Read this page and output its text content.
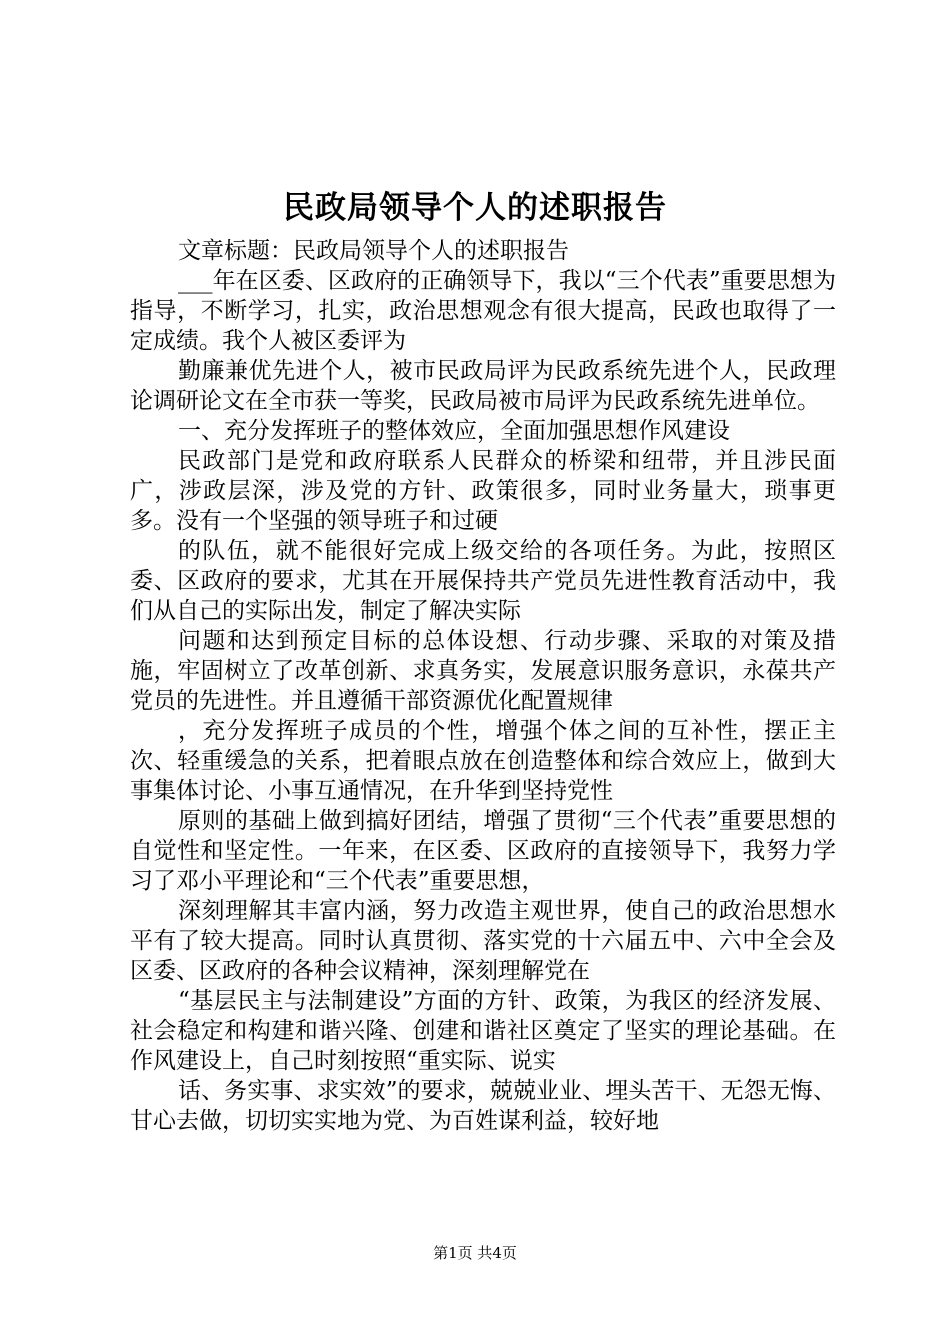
民政局领导个人的述职报告

文章标题：民政局领导个人的述职报告

___年在区委、区政府的正确领导下，我以“三个代表”重要思想为指导，不断学习，扎实，政治思想观念有很大提高，民政也取得了一定成绩。我个人被区委评为

勤廉兼优先进个人，被市民政局评为民政系统先进个人，民政理论调研论文在全市获一等奖，民政局被市局评为民政系统先进单位。

一、充分发挥班子的整体效应，全面加强思想作风建设

民政部门是党和政府联系人民群众的桥梁和纽带，并且涉民面广，涉政层深，涉及党的方针、政策很多，同时业务量大，琐事更多。没有一个坚强的领导班子和过硬

的队伍，就不能很好完成上级交给的各项任务。为此，按照区委、区政府的要求，尤其在开展保持共产党员先进性教育活动中，我们从自己的实际出发，制定了解决实际

问题和达到预定目标的总体设想、行动步骤、采取的对策及措施，牢固树立了改革创新、求真务实，发展意识服务意识，永葆共产党员的先进性。并且遵循干部资源优化配置规律

，充分发挥班子成员的个性，增强个体之间的互补性，摆正主次、轻重缓急的关系，把着眼点放在创造整体和综合效应上，做到大事集体讨论、小事互通情况，在升华到坚持党性

原则的基础上做到搞好团结，增强了贯彻“三个代表”重要思想的自觉性和坚定性。一年来，在区委、区政府的直接领导下，我努力学习了邓小平理论和“三个代表”重要思想，

深刻理解其丰富内涵，努力改造主观世界，使自己的政治思想水平有了较大提高。同时认真贯彻、落实党的十六届五中、六中全会及区委、区政府的各种会议精神，深刻理解党在

“基层民主与法制建设”方面的方针、政策，为我区的经济发展、社会稳定和构建和谐兴隆、创建和谐社区奠定了坚实的理论基础。在作风建设上，自己时刻按照“重实际、说实

话、务实事、求实效”的要求，兢兢业业、埋头苦干、无怨无悔、甘心去做，切切实实地为党、为百姓谋利益，较好地

第1页 共4页
